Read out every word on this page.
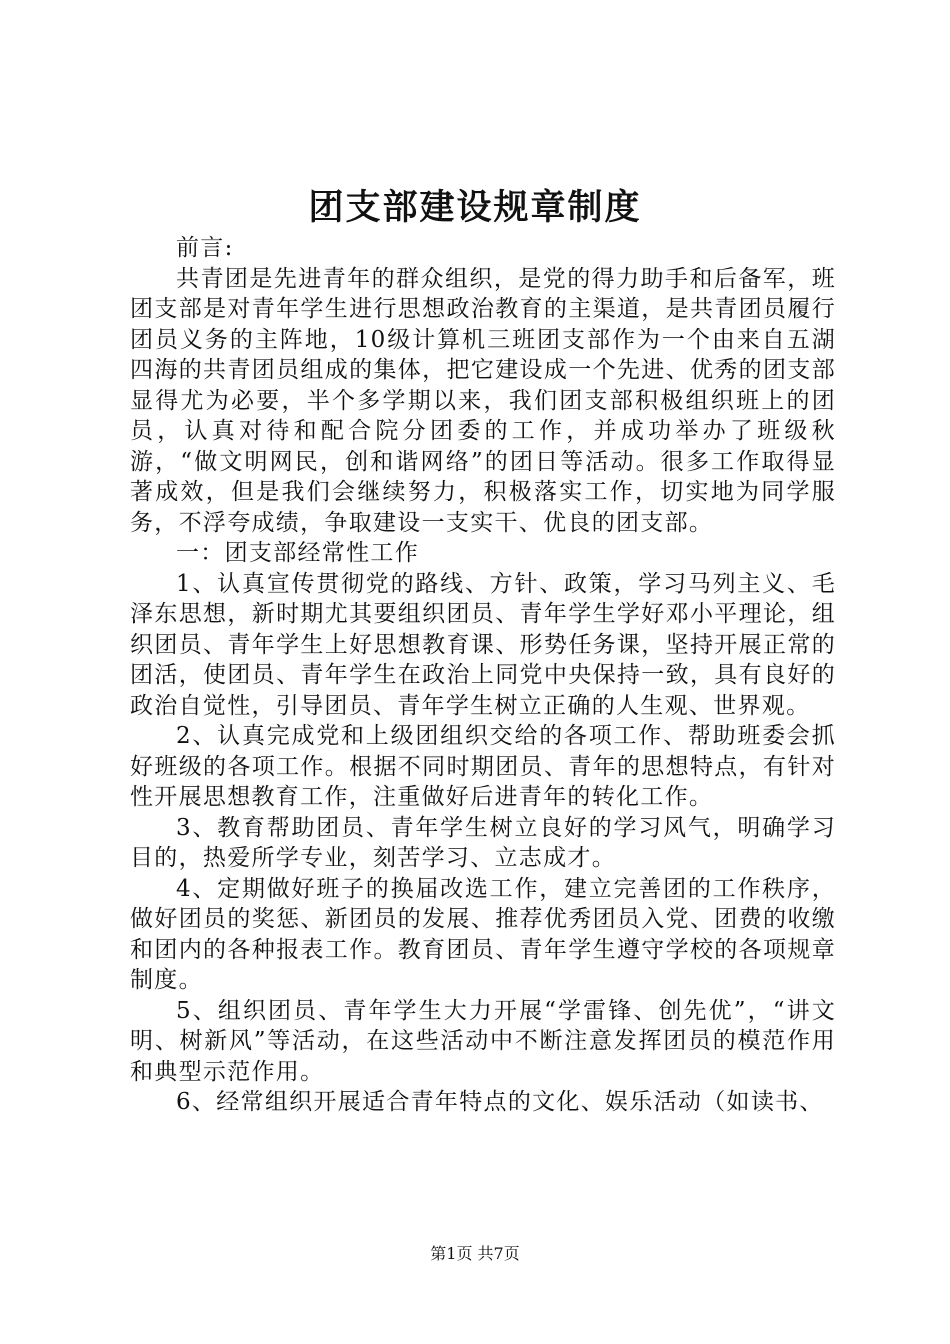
团支部建设规章制度

前言:

共青团是先进青年的群众组织，是党的得力助手和后备军，班团支部是对青年学生进行思想政治教育的主渠道，是共青团员履行团员义务的主阵地，10级计算机三班团支部作为一个由来自五湖四海的共青团员组成的集体，把它建设成一个先进、优秀的团支部显得尤为必要，半个多学期以来，我们团支部积极组织班上的团员，认真对待和配合院分团委的工作，并成功举办了班级秋游，“做文明网民，创和谐网络”的团日等活动。很多工作取得显著成效，但是我们会继续努力，积极落实工作，切实地为同学服务，不浮夸成绩，争取建设一支实干、优良的团支部。

一：团支部经常性工作

1、认真宣传贯彻党的路线、方针、政策，学习马列主义、毛泽东思想，新时期尤其要组织团员、青年学生学好邓小平理论，组织团员、青年学生上好思想教育课、形势任务课，坚持开展正常的团活，使团员、青年学生在政治上同党中央保持一致，具有良好的政治自觉性，引导团员、青年学生树立正确的人生观、世界观。

2、认真完成党和上级团组织交给的各项工作、帮助班委会抓好班级的各项工作。根据不同时期团员、青年的思想特点，有针对性开展思想教育工作，注重做好后进青年的转化工作。

3、教育帮助团员、青年学生树立良好的学习风气，明确学习目的，热爱所学专业，刻苦学习、立志成才。

4、定期做好班子的换届改选工作，建立完善团的工作秩序，做好团员的奖惩、新团员的发展、推荐优秀团员入党、团费的收缴和团内的各种报表工作。教育团员、青年学生遵守学校的各项规章制度。

5、组织团员、青年学生大力开展“学雷锋、创先优”，“讲文明、树新风”等活动，在这些活动中不断注意发挥团员的模范作用和典型示范作用。

6、经常组织开展适合青年特点的文化、娱乐活动（如读书、

第1页 共7页
